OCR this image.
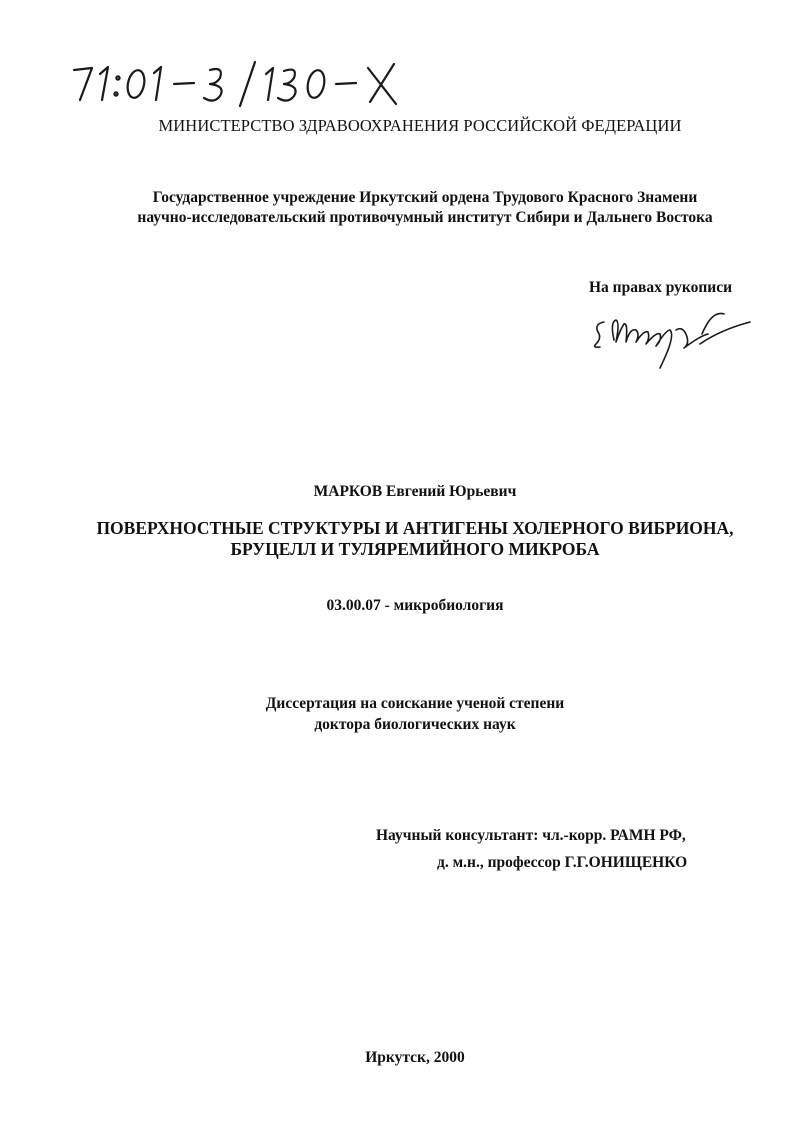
МИНИСТЕРСТВО ЗДРАВООХРАНЕНИЯ РОССИЙСКОЙ ФЕДЕРАЦИИ
Государственное учреждение Иркутский ордена Трудового Красного Знамени
научно-исследовательский противочумный институт Сибири и Дальнего Востока
На правах рукописи
МАРКОВ Евгений Юрьевич
ПОВЕРХНОСТНЫЕ СТРУКТУРЫ И АНТИГЕНЫ ХОЛЕРНОГО ВИБРИОНА,
БРУЦЕЛЛ И ТУЛЯРЕМИЙНОГО МИКРОБА
03.00.07 - микробиология
Диссертация на соискание ученой степени
доктора биологических наук
Научный консультант: чл.-корр. РАМН РФ,
д. м.н., профессор Г.Г.ОНИЩЕНКО
Иркутск, 2000
